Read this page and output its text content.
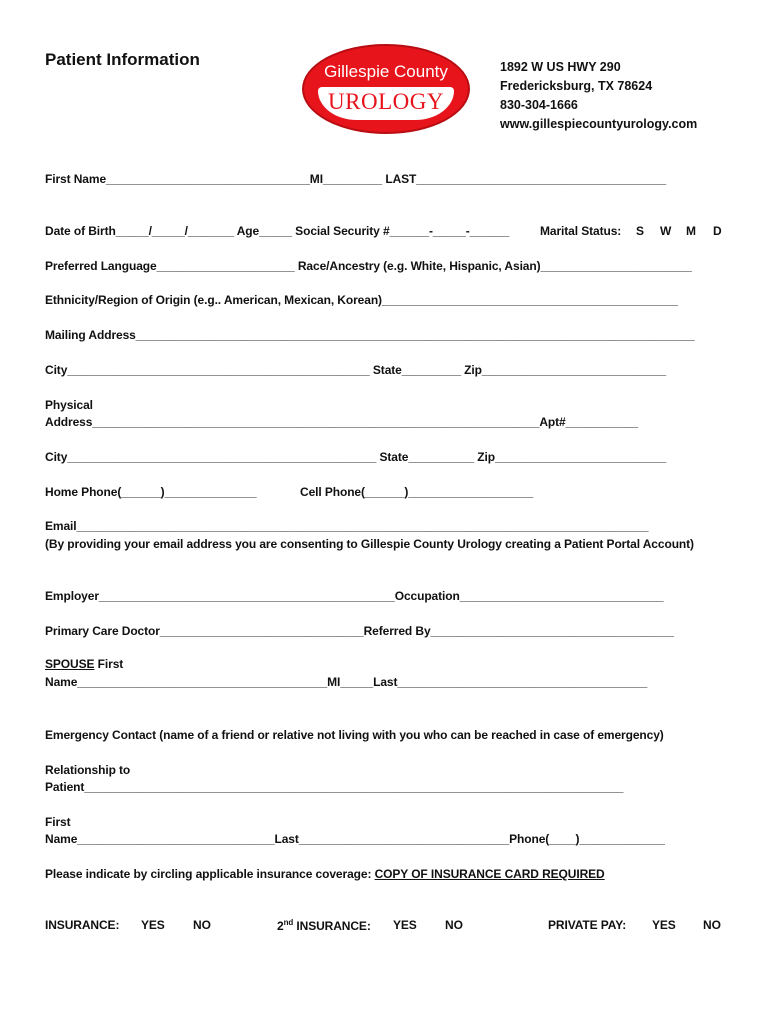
Patient Information
Gillespie County
UROLOGY
1892 W US HWY 290
Fredericksburg, TX 78624
830-304-1666
www.gillespiecountyurology.com
First Name_______________________________MI_________ LAST______________________________________
Date of Birth_____/_____/_______ Age_____ Social Security #______-_____-______	Marital Status: S W M D
Preferred Language_____________________ Race/Ancestry (e.g. White, Hispanic, Asian)_______________________
Ethnicity/Region of Origin (e.g.. American, Mexican, Korean)_____________________________________________
Mailing Address_____________________________________________________________________________________
City______________________________________________ State_________ Zip____________________________
Physical
Address____________________________________________________________________Apt#___________
City_______________________________________________ State__________ Zip__________________________
Home Phone(______)______________	Cell Phone(______)___________________
Email_______________________________________________________________________________________
(By providing your email address you are consenting to Gillespie County Urology creating a Patient Portal Account)
Employer_____________________________________________Occupation_______________________________
Primary Care Doctor_______________________________Referred By_____________________________________
SPOUSE First
Name______________________________________MI_____Last______________________________________
Emergency Contact (name of a friend or relative not living with you who can be reached in case of emergency)
Relationship to
Patient__________________________________________________________________________________
First
Name______________________________Last________________________________Phone(____)_____________
Please indicate by circling applicable insurance coverage: COPY OF INSURANCE CARD REQUIRED
INSURANCE: YES NO	2nd INSURANCE: YES NO	PRIVATE PAY: YES NO
